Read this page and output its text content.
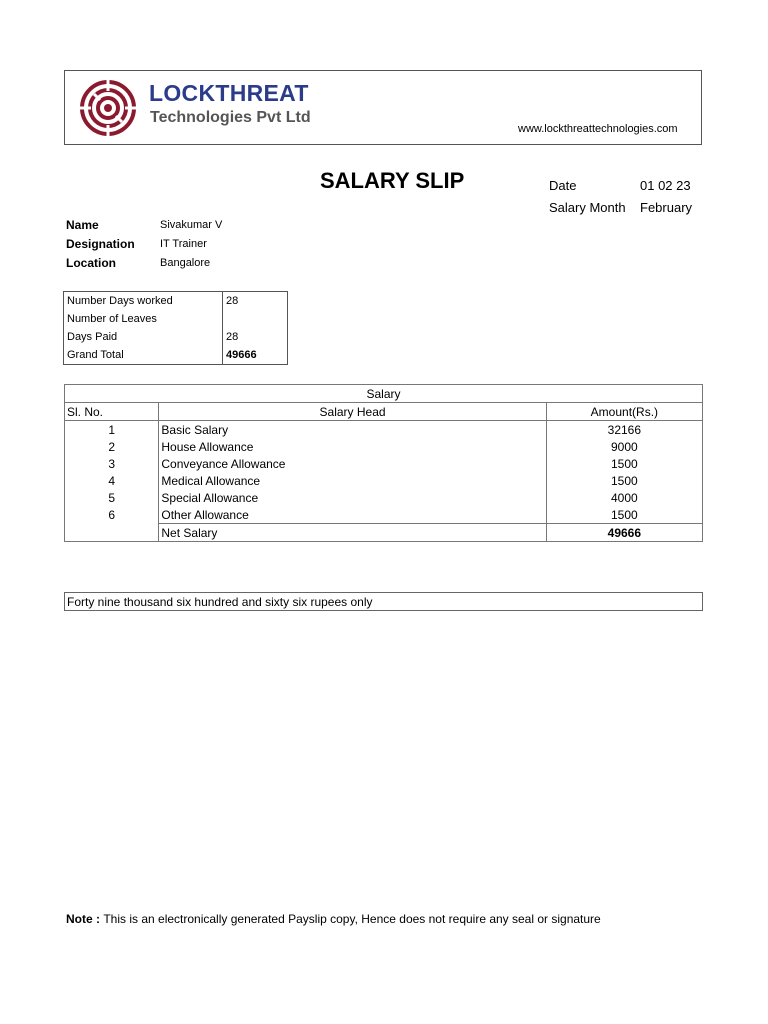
LOCKTHREAT
Technologies Pvt Ltd
www.lockthreattechnologies.com
SALARY SLIP	Date	01 02 23
Salary Month February
Name	Sivakumar V
Designation IT Trainer
Location	Bangalore
Number Days worked	28
Number of Leaves	
Days Paid	28
Grand Total	49666
Salary		
Sl. No.	Salary Head	Amount(Rs.)
1	Basic Salary	32166
2	House Allowance	9000
3	Conveyance Allowance	1500
4	Medical Allowance	1500
5	Special Allowance	4000
6	Other Allowance	1500
	Net Salary	49666
Forty nine thousand six hundred and sixty six rupees only
Note : This is an electronically generated Payslip copy, Hence does not require any seal or signature
